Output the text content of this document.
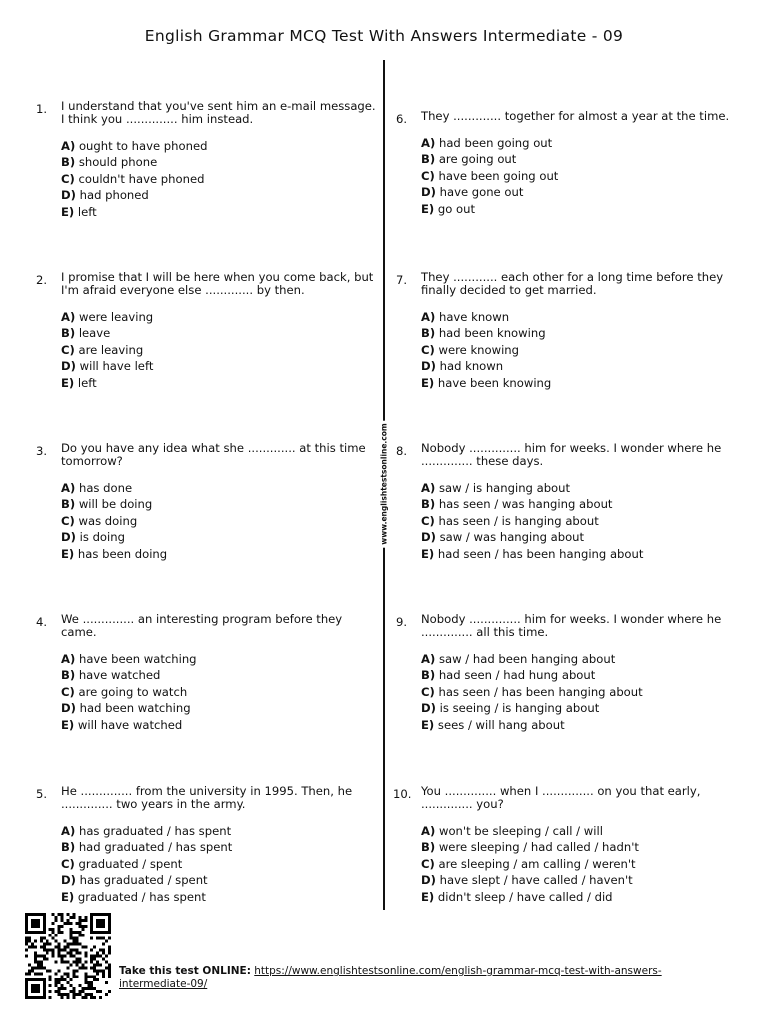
English Grammar MCQ Test With Answers Intermediate - 09
www.englishtestsonline.com
1. I understand that you've sent him an e-mail message. I think you .............. him instead.

A) ought to have phoned
B) should phone
C) couldn't have phoned
D) had phoned
E) left
2. I promise that I will be here when you come back, but I'm afraid everyone else ............. by then.

A) were leaving
B) leave
C) are leaving
D) will have left
E) left
3. Do you have any idea what she ............. at this time tomorrow?

A) has done
B) will be doing
C) was doing
D) is doing
E) has been doing
4. We .............. an interesting program before they came.

A) have been watching
B) have watched
C) are going to watch
D) had been watching
E) will have watched
5. He .............. from the university in 1995. Then, he .............. two years in the army.

A) has graduated / has spent
B) had graduated / has spent
C) graduated / spent
D) has graduated / spent
E) graduated / has spent
6. They ............. together for almost a year at the time.

A) had been going out
B) are going out
C) have been going out
D) have gone out
E) go out
7. They ............ each other for a long time before they finally decided to get married.

A) have known
B) had been knowing
C) were knowing
D) had known
E) have been knowing
8. Nobody .............. him for weeks. I wonder where he .............. these days.

A) saw / is hanging about
B) has seen / was hanging about
C) has seen / is hanging about
D) saw / was hanging about
E) had seen / has been hanging about
9. Nobody .............. him for weeks. I wonder where he .............. all this time.

A) saw / had been hanging about
B) had seen / had hung about
C) has seen / has been hanging about
D) is seeing / is hanging about
E) sees / will hang about
10. You .............. when I .............. on you that early, .............. you?

A) won't be sleeping / call / will
B) were sleeping / had called / hadn't
C) are sleeping / am calling / weren't
D) have slept / have called / haven't
E) didn't sleep / have called / did
Take this test ONLINE: https://www.englishtestsonline.com/english-grammar-mcq-test-with-answers-intermediate-09/
